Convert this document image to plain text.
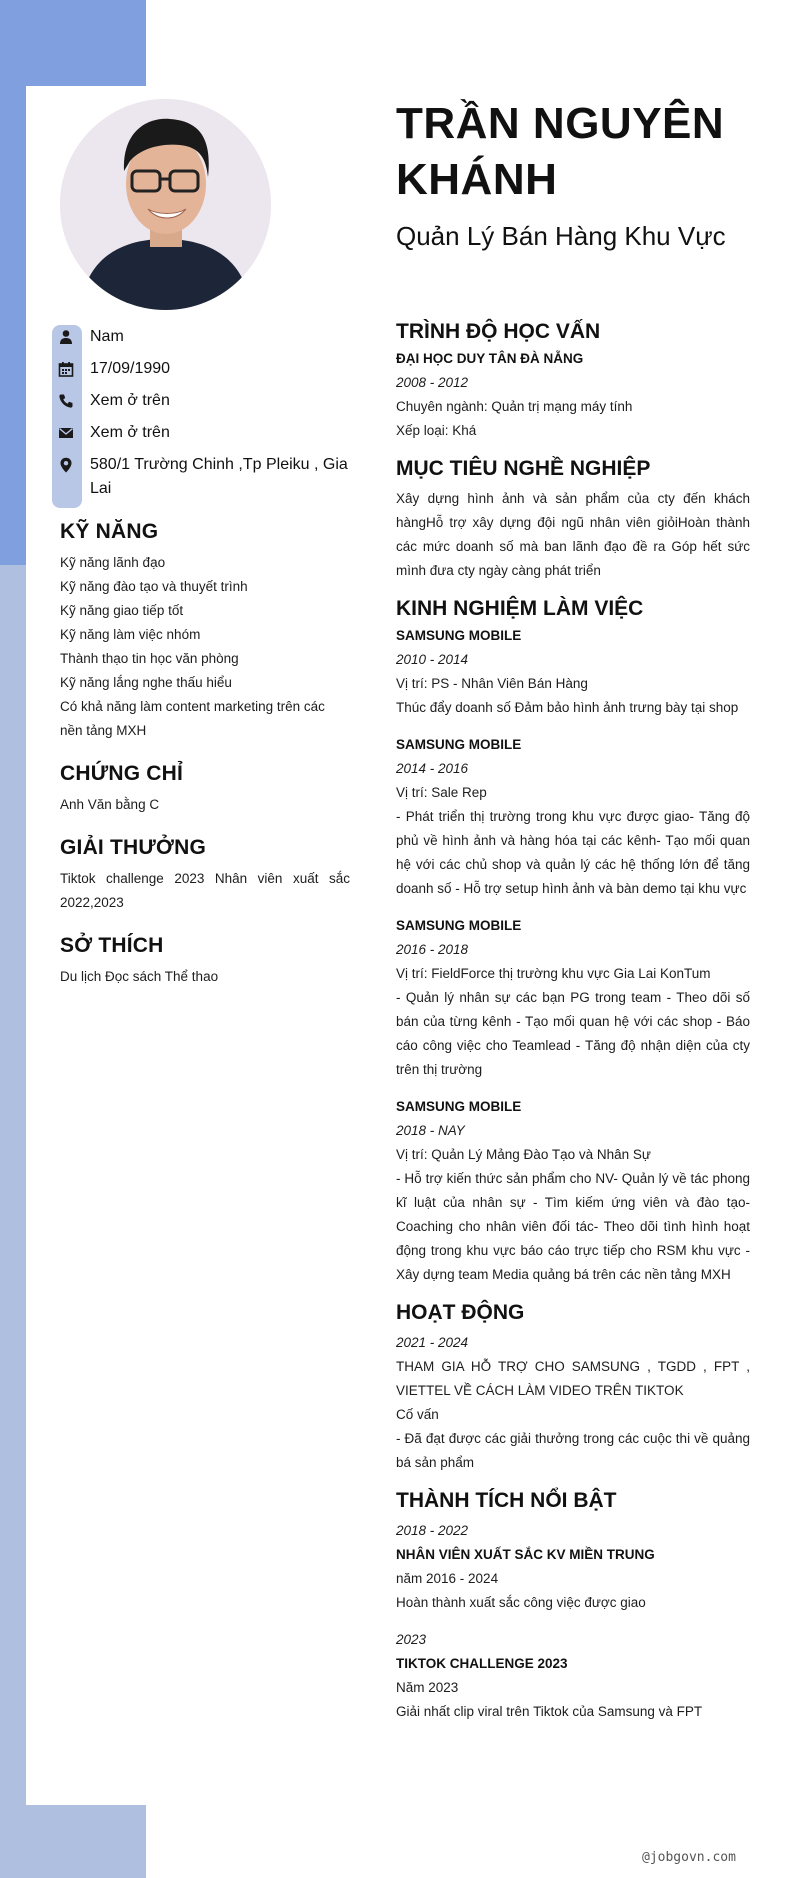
Nam
17/09/1990
Xem ở trên
Xem ở trên
580/1 Trường Chinh ,Tp Pleiku , Gia Lai
KỸ NĂNG
Kỹ năng lãnh đạo
Kỹ năng đào tạo và thuyết trình
Kỹ năng giao tiếp tốt
Kỹ năng làm việc nhóm
Thành thạo tin học văn phòng
Kỹ năng lắng nghe thấu hiểu
Có khả năng làm content marketing trên các nền tảng MXH
CHỨNG CHỈ
Anh Văn bằng C
GIẢI THƯỞNG
Tiktok challenge 2023 Nhân viên xuất sắc 2022,2023
SỞ THÍCH
Du lịch Đọc sách Thể thao
TRẦN NGUYÊN
KHÁNH
Quản Lý Bán Hàng Khu Vực
TRÌNH ĐỘ HỌC VẤN
ĐẠI HỌC DUY TÂN ĐÀ NẴNG
2008 - 2012
Chuyên ngành: Quản trị mạng máy tính
Xếp loại: Khá
MỤC TIÊU NGHỀ NGHIỆP
Xây dựng hình ảnh và sản phẩm của cty đến khách hàngHỗ trợ xây dựng đội ngũ nhân viên giỏiHoàn thành các mức doanh số mà ban lãnh đạo đề ra Góp hết sức mình đưa cty ngày càng phát triển
KINH NGHIỆM LÀM VIỆC
SAMSUNG MOBILE
2010 - 2014
Vị trí: PS - Nhân Viên Bán Hàng
Thúc đẩy doanh số Đảm bảo hình ảnh trưng bày tại shop
SAMSUNG MOBILE
2014 - 2016
Vị trí: Sale Rep
- Phát triển thị trường trong khu vực được giao- Tăng độ phủ về hình ảnh và hàng hóa tại các kênh- Tạo mối quan hệ với các chủ shop và quản lý các hệ thống lớn để tăng doanh số - Hỗ trợ setup hình ảnh và bàn demo tại khu vực
SAMSUNG MOBILE
2016 - 2018
Vị trí: FieldForce thị trường khu vực Gia Lai KonTum
- Quản lý nhân sự các bạn PG trong team - Theo dõi số bán của từng kênh - Tạo mối quan hệ với các shop - Báo cáo công việc cho Teamlead - Tăng độ nhận diện của cty trên thị trường
SAMSUNG MOBILE
2018 - NAY
Vị trí: Quản Lý Mảng Đào Tạo và Nhân Sự
- Hỗ trợ kiến thức sản phẩm cho NV- Quản lý về tác phong kĩ luật của nhân sự - Tìm kiếm ứng viên và đào tạo- Coaching cho nhân viên đối tác- Theo dõi tình hình hoạt động trong khu vực báo cáo trực tiếp cho RSM khu vực - Xây dựng team Media quảng bá trên các nền tảng MXH
HOẠT ĐỘNG
2021 - 2024
THAM GIA HỖ TRỢ CHO SAMSUNG , TGDD , FPT , VIETTEL VỀ CÁCH LÀM VIDEO TRÊN TIKTOK
Cố vấn
- Đã đạt được các giải thưởng trong các cuộc thi về quảng bá sản phẩm
THÀNH TÍCH NỔI BẬT
2018 - 2022
NHÂN VIÊN XUẤT SẮC KV MIỀN TRUNG
năm 2016 - 2024
Hoàn thành xuất sắc công việc được giao
2023
TIKTOK CHALLENGE 2023
Năm 2023
Giải nhất clip viral trên Tiktok của Samsung và FPT
@jobgovn.com
